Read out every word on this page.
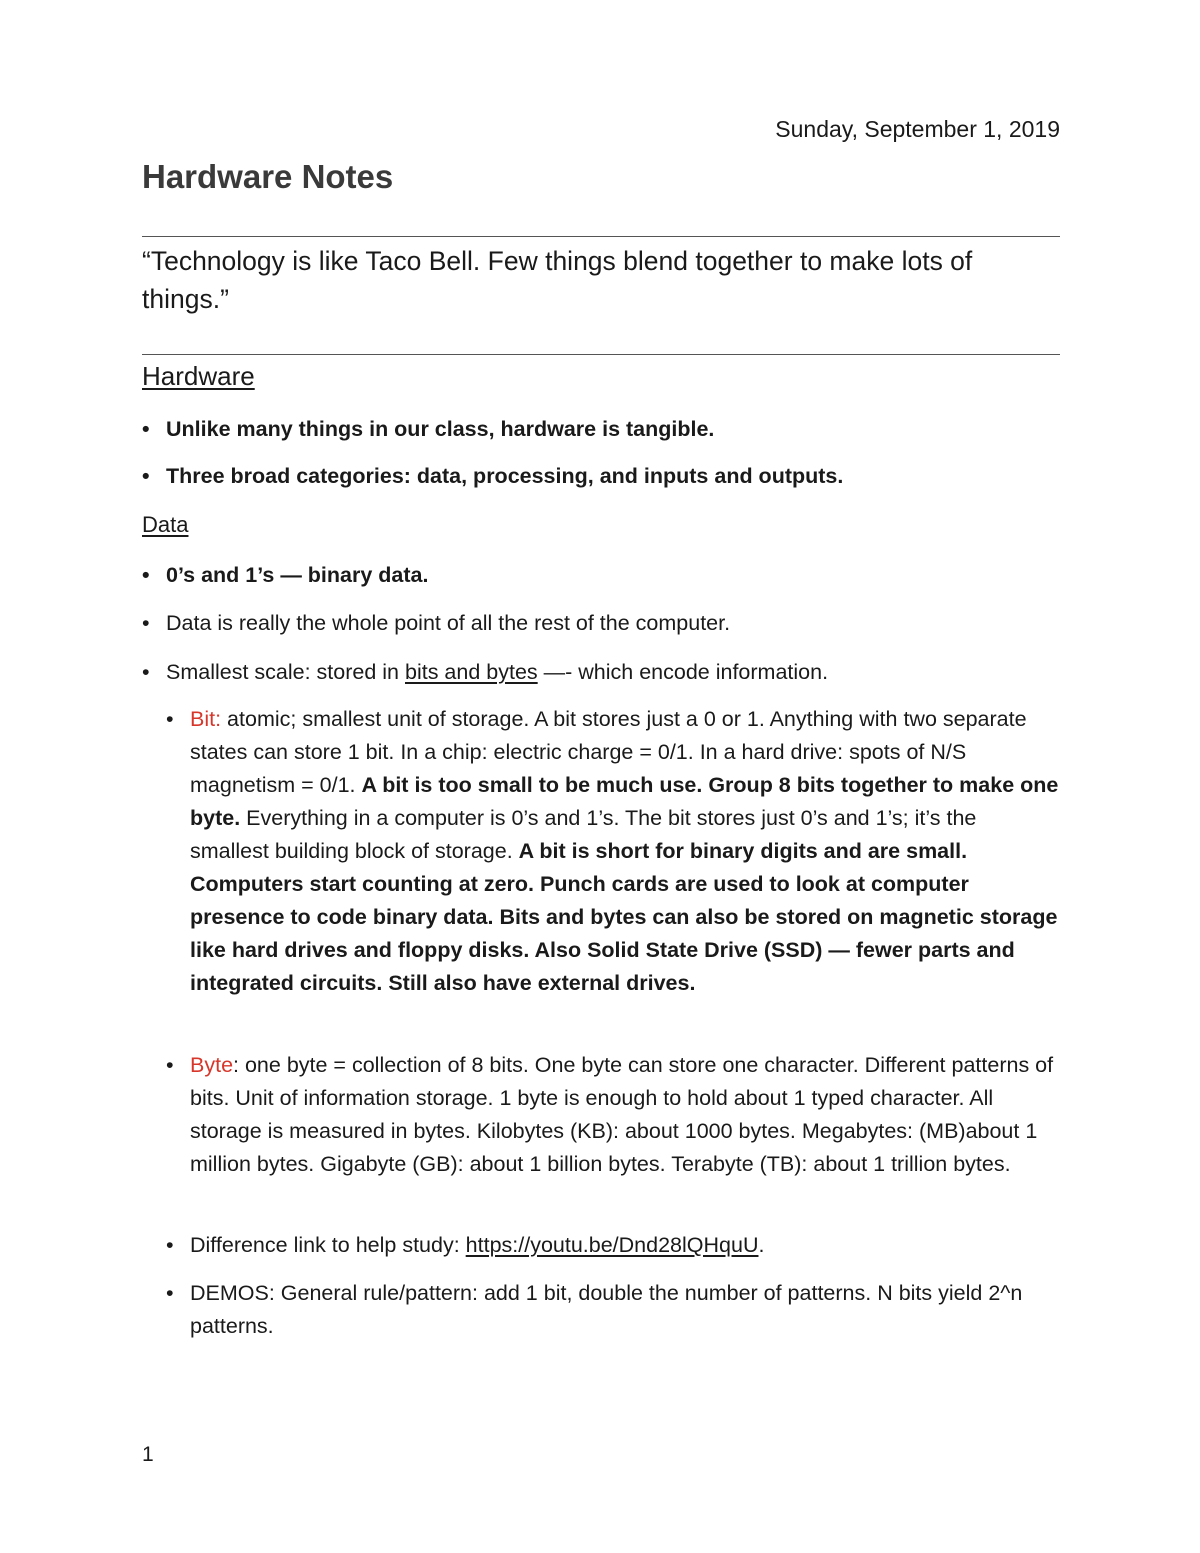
Sunday, September 1, 2019
Hardware Notes

“Technology is like Taco Bell. Few things blend together to make lots of things.”

Hardware
• Unlike many things in our class, hardware is tangible.
• Three broad categories: data, processing, and inputs and outputs.
Data
• 0’s and 1’s — binary data.
• Data is really the whole point of all the rest of the computer.
• Smallest scale: stored in bits and bytes —- which encode information.
• Bit: atomic; smallest unit of storage. A bit stores just a 0 or 1. Anything with two separate states can store 1 bit. In a chip: electric charge = 0/1. In a hard drive: spots of N/S magnetism = 0/1. A bit is too small to be much use. Group 8 bits together to make one byte. Everything in a computer is 0’s and 1’s. The bit stores just 0’s and 1’s; it’s the smallest building block of storage. A bit is short for binary digits and are small. Computers start counting at zero. Punch cards are used to look at computer presence to code binary data. Bits and bytes can also be stored on magnetic storage like hard drives and floppy disks. Also Solid State Drive (SSD) — fewer parts and integrated circuits. Still also have external drives.
• Byte: one byte = collection of 8 bits. One byte can store one character. Different patterns of bits. Unit of information storage. 1 byte is enough to hold about 1 typed character. All storage is measured in bytes. Kilobytes (KB): about 1000 bytes. Megabytes: (MB)about 1 million bytes. Gigabyte (GB): about 1 billion bytes. Terabyte (TB): about 1 trillion bytes.
• Difference link to help study: https://youtu.be/Dnd28lQHquU.
• DEMOS: General rule/pattern: add 1 bit, double the number of patterns. N bits yield 2^n patterns.
1
